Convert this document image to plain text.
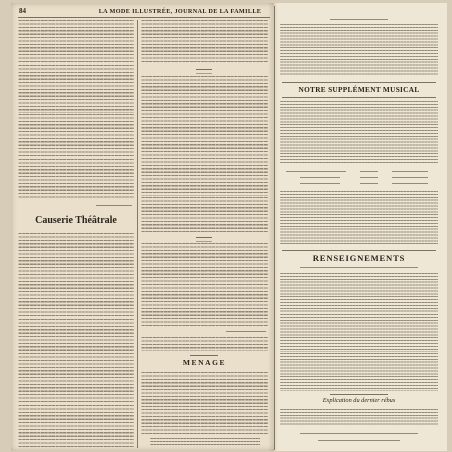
84	LA MODE ILLUSTRÉE, JOURNAL DE LA FAMILLE
Causerie Théâtrale
MENAGE
NOTRE SUPPLÉMENT MUSICAL
RENSEIGNEMENTS
Explication du dernier rébus
